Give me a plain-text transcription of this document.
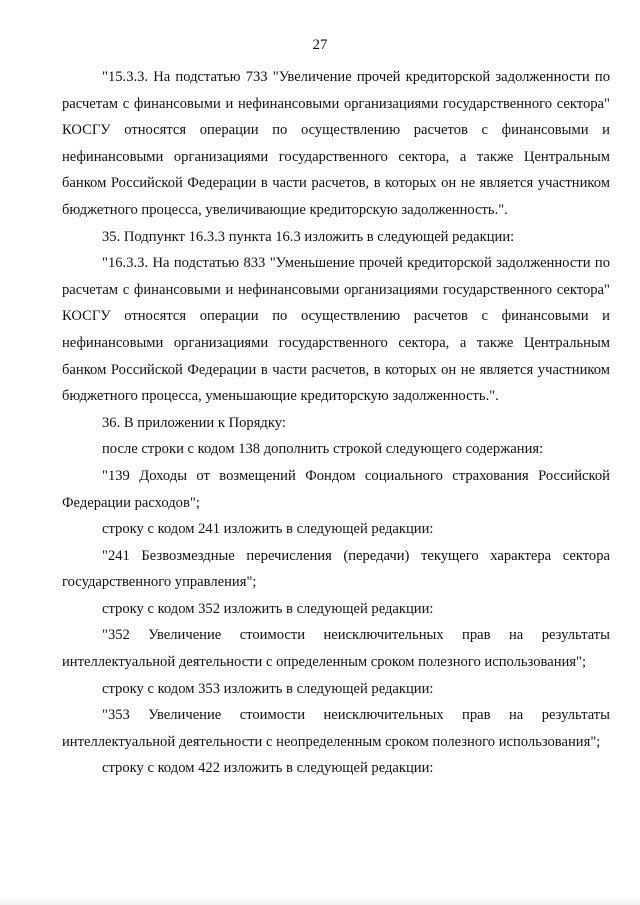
27

"15.3.3. На подстатью 733 "Увеличение прочей кредиторской задолженности по расчетам с финансовыми и нефинансовыми организациями государственного сектора" КОСГУ относятся операции по осуществлению расчетов с финансовыми и нефинансовыми организациями государственного сектора, а также Центральным банком Российской Федерации в части расчетов, в которых он не является участником бюджетного процесса, увеличивающие кредиторскую задолженность.".

35. Подпункт 16.3.3 пункта 16.3 изложить в следующей редакции:

"16.3.3. На подстатью 833 "Уменьшение прочей кредиторской задолженности по расчетам с финансовыми и нефинансовыми организациями государственного сектора" КОСГУ относятся операции по осуществлению расчетов с финансовыми и нефинансовыми организациями государственного сектора, а также Центральным банком Российской Федерации в части расчетов, в которых он не является участником бюджетного процесса, уменьшающие кредиторскую задолженность.".

36. В приложении к Порядку:

после строки с кодом 138 дополнить строкой следующего содержания:

"139 Доходы от возмещений Фондом социального страхования Российской Федерации расходов";

строку с кодом 241 изложить в следующей редакции:

"241 Безвозмездные перечисления (передачи) текущего характера сектора государственного управления";

строку с кодом 352 изложить в следующей редакции:

"352 Увеличение стоимости неисключительных прав на результаты интеллектуальной деятельности с определенным сроком полезного использования";

строку с кодом 353 изложить в следующей редакции:

"353 Увеличение стоимости неисключительных прав на результаты интеллектуальной деятельности с неопределенным сроком полезного использования";

строку с кодом 422 изложить в следующей редакции:
